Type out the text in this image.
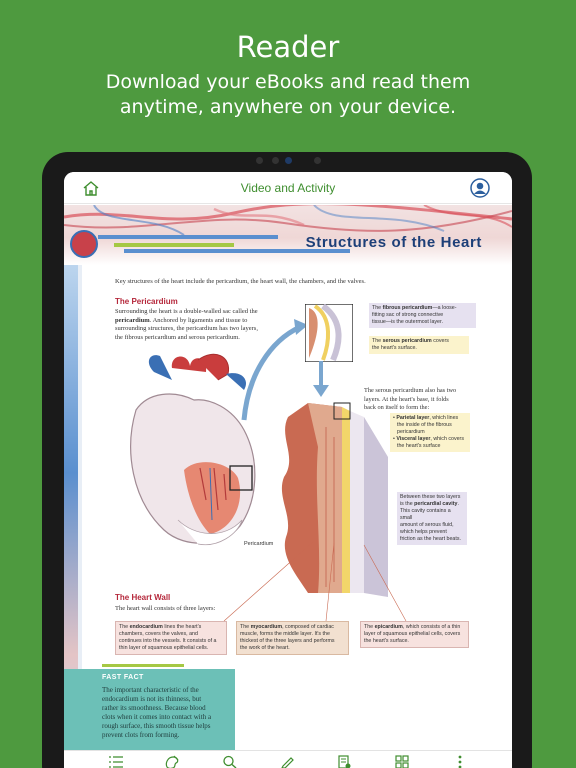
Reader
Download your eBooks and read them
anytime, anywhere on your device.
Video and Activity
Structures of the Heart
Key structures of the heart include the pericardium, the heart wall, the chambers, and the valves.
The Pericardium
Surrounding the heart is a double-walled sac called the
pericardium. Anchored by ligaments and tissue to
surrounding structures, the pericardium has two layers,
the fibrous pericardium and serous pericardium.
Pericardium
The fibrous pericardium—a loose-
fitting sac of strong connective
tissue—is the outermost layer.
The serous pericardium covers
the heart's surface.
The serous pericardium also has two
layers. At the heart's base, it folds
back on itself to form the:
• Parietal layer, which lines
the inside of the fibrous
pericardium
• Visceral layer, which covers
the heart's surface
Between these two layers
is the pericardial cavity.
This cavity contains a small
amount of serous fluid,
which helps prevent
friction as the heart beats.
The Heart Wall
The heart wall consists of three layers:
The endocardium lines the heart's
chambers, covers the valves, and
continues into the vessels. It consists of a
thin layer of squamous epithelial cells.
The myocardium, composed of cardiac
muscle, forms the middle layer. It's the
thickest of the three layers and performs
the work of the heart.
The epicardium, which consists of a thin
layer of squamous epithelial cells, covers
the heart's surface.
FAST FACT
The important characteristic of the
endocardium is not its thinness, but
rather its smoothness. Because blood
clots when it comes into contact with a
rough surface, this smooth tissue helps
prevent clots from forming.
